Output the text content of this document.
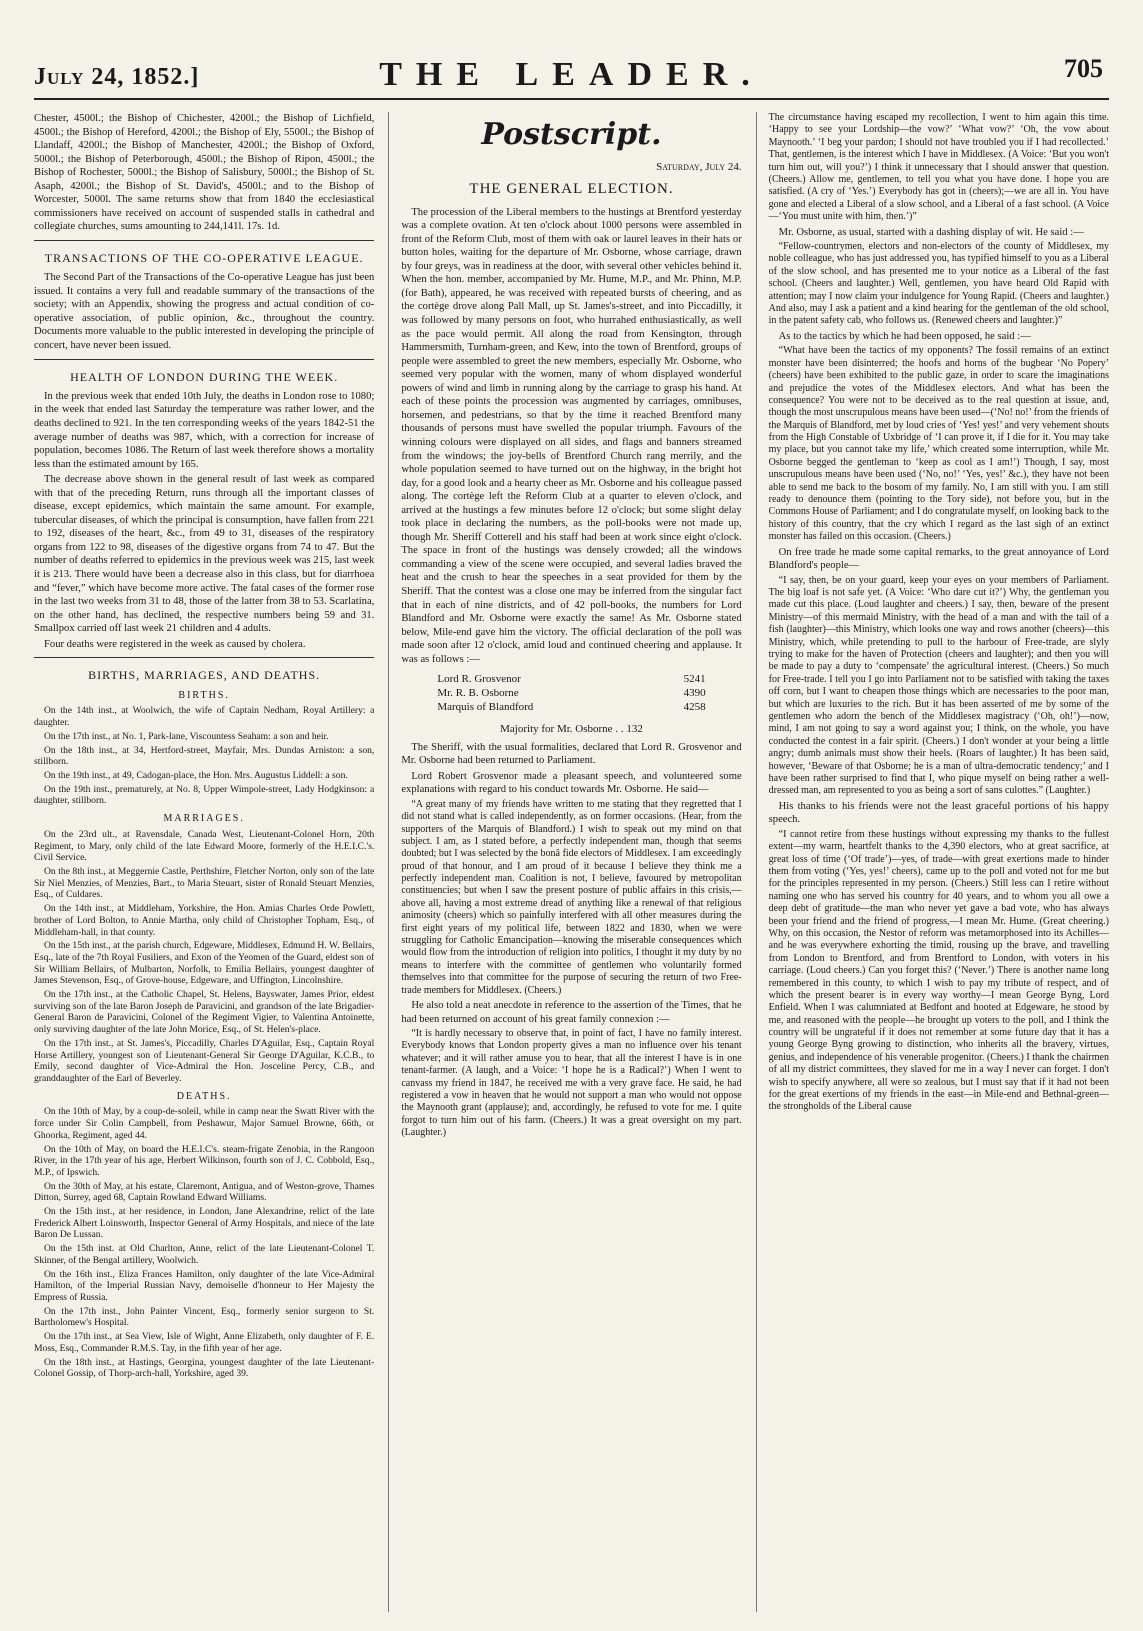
July 24, 1852.]	THE LEADER.	705

Chester, 4500l.; the Bishop of Chichester, 4200l.; the Bishop of Lichfield, 4500l.; the Bishop of Hereford, 4200l.; the Bishop of Ely, 5500l.; the Bishop of Llandaff, 4200l.; the Bishop of Manchester, 4200l.; the Bishop of Oxford, 5000l.; the Bishop of Peterborough, 4500l.; the Bishop of Ripon, 4500l.; the Bishop of Rochester, 5000l.; the Bishop of Salisbury, 5000l.; the Bishop of St. Asaph, 4200l.; the Bishop of St. David's, 4500l.; and to the Bishop of Worcester, 5000l. The same returns show that from 1840 the ecclesiastical commissioners have received on account of suspended stalls in cathedral and collegiate churches, sums amounting to 244,141l. 17s. 1d.

TRANSACTIONS OF THE CO-OPERATIVE LEAGUE.

The Second Part of the Transactions of the Co-operative League has just been issued. It contains a very full and readable summary of the transactions of the society; with an Appendix, showing the progress and actual condition of co-operative association, of public opinion, &c., throughout the country. Documents more valuable to the public interested in developing the principle of concert, have never been issued.

HEALTH OF LONDON DURING THE WEEK.

In the previous week that ended 10th July, the deaths in London rose to 1080; in the week that ended last Saturday the temperature was rather lower, and the deaths declined to 921. In the ten corresponding weeks of the years 1842-51 the average number of deaths was 987, which, with a correction for increase of population, becomes 1086. The Return of last week therefore shows a mortality less than the estimated amount by 165.

The decrease above shown in the general result of last week as compared with that of the preceding Return, runs through all the important classes of disease, except epidemics, which maintain the same amount. For example, tubercular diseases, of which the principal is consumption, have fallen from 221 to 192, diseases of the heart, &c., from 49 to 31, diseases of the respiratory organs from 122 to 98, diseases of the digestive organs from 74 to 47. But the number of deaths referred to epidemics in the previous week was 215, last week it is 213. There would have been a decrease also in this class, but for diarrhoea and “fever,” which have become more active. The fatal cases of the former rose in the last two weeks from 31 to 48, those of the latter from 38 to 53. Scarlatina, on the other hand, has declined, the respective numbers being 59 and 31. Smallpox carried off last week 21 children and 4 adults.

Four deaths were registered in the week as caused by cholera.

BIRTHS, MARRIAGES, AND DEATHS.
BIRTHS.

On the 14th inst., at Woolwich, the wife of Captain Nedham, Royal Artillery: a daughter.

On the 17th inst., at No. 1, Park-lane, Viscountess Seaham: a son and heir.

On the 18th inst., at 34, Hertford-street, Mayfair, Mrs. Dundas Arniston: a son, stillborn.

On the 19th inst., at 49, Cadogan-place, the Hon. Mrs. Augustus Liddell: a son.

On the 19th inst., prematurely, at No. 8, Upper Wimpole-street, Lady Hodgkinson: a daughter, stillborn.

MARRIAGES.

On the 23rd ult., at Ravensdale, Canada West, Lieutenant-Colonel Horn, 20th Regiment, to Mary, only child of the late Edward Moore, formerly of the H.E.I.C.'s. Civil Service.

On the 8th inst., at Meggernie Castle, Perthshire, Fletcher Norton, only son of the late Sir Niel Menzies, of Menzies, Bart., to Maria Steuart, sister of Ronald Steuart Menzies, Esq., of Culdares.

On the 14th inst., at Middleham, Yorkshire, the Hon. Amias Charles Orde Powlett, brother of Lord Bolton, to Annie Martha, only child of Christopher Topham, Esq., of Middleham-hall, in that county.

On the 15th inst., at the parish church, Edgeware, Middlesex, Edmund H. W. Bellairs, Esq., late of the 7th Royal Fusiliers, and Exon of the Yeomen of the Guard, eldest son of Sir William Bellairs, of Mulbarton, Norfolk, to Emilia Bellairs, youngest daughter of James Stevenson, Esq., of Grove-house, Edgeware, and Uffington, Lincolnshire.

On the 17th inst., at the Catholic Chapel, St. Helens, Bayswater, James Prior, eldest surviving son of the late Baron Joseph de Paravicini, and grandson of the late Brigadier-General Baron de Paravicini, Colonel of the Regiment Vigier, to Valentina Antoinette, only surviving daughter of the late John Morice, Esq., of St. Helen's-place.

On the 17th inst., at St. James's, Piccadilly, Charles D'Aguilar, Esq., Captain Royal Horse Artillery, youngest son of Lieutenant-General Sir George D'Aguilar, K.C.B., to Emily, second daughter of Vice-Admiral the Hon. Josceline Percy, C.B., and granddaughter of the Earl of Beverley.

DEATHS.

On the 10th of May, by a coup-de-soleil, while in camp near the Swatt River with the force under Sir Colin Campbell, from Peshawur, Major Samuel Browne, 66th, or Ghoorka, Regiment, aged 44.

On the 10th of May, on board the H.E.I.C's. steam-frigate Zenobia, in the Rangoon River, in the 17th year of his age, Herbert Wilkinson, fourth son of J. C. Cobbold, Esq., M.P., of Ipswich.

On the 30th of May, at his estate, Claremont, Antigua, and of Weston-grove, Thames Ditton, Surrey, aged 68, Captain Rowland Edward Williams.

On the 15th inst., at her residence, in London, Jane Alexandrine, relict of the late Frederick Albert Loinsworth, Inspector General of Army Hospitals, and niece of the late Baron De Lussan.

On the 15th inst. at Old Charlton, Anne, relict of the late Lieutenant-Colonel T. Skinner, of the Bengal artillery, Woolwich.

On the 16th inst., Eliza Frances Hamilton, only daughter of the late Vice-Admiral Hamilton, of the Imperial Russian Navy, demoiselle d'honneur to Her Majesty the Empress of Russia.

On the 17th inst., John Painter Vincent, Esq., formerly senior surgeon to St. Bartholomew's Hospital.

On the 17th inst., at Sea View, Isle of Wight, Anne Elizabeth, only daughter of F. E. Moss, Esq., Commander R.M.S. Tay, in the fifth year of her age.

On the 18th inst., at Hastings, Georgina, youngest daughter of the late Lieutenant-Colonel Gossip, of Thorp-arch-hall, Yorkshire, aged 39.

Postscript.
Saturday, July 24.
THE GENERAL ELECTION.

The procession of the Liberal members to the hustings at Brentford yesterday was a complete ovation. At ten o'clock about 1000 persons were assembled in front of the Reform Club, most of them with oak or laurel leaves in their hats or button holes, waiting for the departure of Mr. Osborne, whose carriage, drawn by four greys, was in readiness at the door, with several other vehicles behind it. When the hon. member, accompanied by Mr. Hume, M.P., and Mr. Phinn, M.P. (for Bath), appeared, he was received with repeated bursts of cheering, and as the cortège drove along Pall Mall, up St. James's-street, and into Piccadilly, it was followed by many persons on foot, who hurrahed enthusiastically, as well as the pace would permit. All along the road from Kensington, through Hammersmith, Turnham-green, and Kew, into the town of Brentford, groups of people were assembled to greet the new members, especially Mr. Osborne, who seemed very popular with the women, many of whom displayed wonderful powers of wind and limb in running along by the carriage to grasp his hand. At each of these points the procession was augmented by carriages, omnibuses, horsemen, and pedestrians, so that by the time it reached Brentford many thousands of persons must have swelled the popular triumph. Favours of the winning colours were displayed on all sides, and flags and banners streamed from the windows; the joy-bells of Brentford Church rang merrily, and the whole population seemed to have turned out on the highway, in the bright hot day, for a good look and a hearty cheer as Mr. Osborne and his colleague passed along. The cortège left the Reform Club at a quarter to eleven o'clock, and arrived at the hustings a few minutes before 12 o'clock; but some slight delay took place in declaring the numbers, as the poll-books were not made up, though Mr. Sheriff Cotterell and his staff had been at work since eight o'clock. The space in front of the hustings was densely crowded; all the windows commanding a view of the scene were occupied, and several ladies braved the heat and the crush to hear the speeches in a seat provided for them by the Sheriff. That the contest was a close one may be inferred from the singular fact that in each of nine districts, and of 42 poll-books, the numbers for Lord Blandford and Mr. Osborne were exactly the same! As Mr. Osborne stated below, Mile-end gave him the victory. The official declaration of the poll was made soon after 12 o'clock, amid loud and continued cheering and applause. It was as follows :—

Lord R. Grosvenor	5241
Mr. R. B. Osborne	4390
Marquis of Blandford	4258
Majority for Mr. Osborne . . 132

The Sheriff, with the usual formalities, declared that Lord R. Grosvenor and Mr. Osborne had been returned to Parliament.

Lord Robert Grosvenor made a pleasant speech, and volunteered some explanations with regard to his conduct towards Mr. Osborne. He said—

“A great many of my friends have written to me stating that they regretted that I did not stand what is called independently, as on former occasions. (Hear, from the supporters of the Marquis of Blandford.) I wish to speak out my mind on that subject. I am, as I stated before, a perfectly independent man, though that seems doubted; but I was selected by the bonâ fide electors of Middlesex. I am exceedingly proud of that honour, and I am proud of it because I believe they think me a perfectly independent man. Coalition is not, I believe, favoured by metropolitan constituencies; but when I saw the present posture of public affairs in this crisis,—above all, having a most extreme dread of anything like a renewal of that religious animosity (cheers) which so painfully interfered with all other measures during the first eight years of my political life, between 1822 and 1830, when we were struggling for Catholic Emancipation—knowing the miserable consequences which would flow from the introduction of religion into politics, I thought it my duty by no means to interfere with the committee of gentlemen who voluntarily formed themselves into that committee for the purpose of securing the return of two Free-trade members for Middlesex. (Cheers.)

He also told a neat anecdote in reference to the assertion of the Times, that he had been returned on account of his great family connexion :—

“It is hardly necessary to observe that, in point of fact, I have no family interest. Everybody knows that London property gives a man no influence over his tenant whatever; and it will rather amuse you to hear, that all the interest I have is in one tenant-farmer. (A laugh, and a Voice: ‘I hope he is a Radical?’) When I went to canvass my friend in 1847, he received me with a very grave face. He said, he had registered a vow in heaven that he would not support a man who would not oppose the Maynooth grant (applause); and, accordingly, he refused to vote for me. I quite forgot to turn him out of his farm. (Cheers.) It was a great oversight on my part. (Laughter.)

The circumstance having escaped my recollection, I went to him again this time. ‘Happy to see your Lordship—the vow?’ ‘What vow?’ ‘Oh, the vow about Maynooth.’ ‘I beg your pardon; I should not have troubled you if I had recollected.’ That, gentlemen, is the interest which I have in Middlesex. (A Voice: ‘But you won't turn him out, will you?’) I think it unnecessary that I should answer that question. (Cheers.) Allow me, gentlemen, to tell you what you have done. I hope you are satisfied. (A cry of ‘Yes.’) Everybody has got in (cheers);—we are all in. You have gone and elected a Liberal of a slow school, and a Liberal of a fast school. (A Voice—‘You must unite with him, then.’)”

Mr. Osborne, as usual, started with a dashing display of wit. He said :—

“Fellow-countrymen, electors and non-electors of the county of Middlesex, my noble colleague, who has just addressed you, has typified himself to you as a Liberal of the slow school, and has presented me to your notice as a Liberal of the fast school. (Cheers and laughter.) Well, gentlemen, you have heard Old Rapid with attention; may I now claim your indulgence for Young Rapid. (Cheers and laughter.) And also, may I ask a patient and a kind hearing for the gentleman of the old school, in the patent safety cab, who follows us. (Renewed cheers and laughter.)”

As to the tactics by which he had been opposed, he said :—

“What have been the tactics of my opponents? The fossil remains of an extinct monster have been disinterred; the hoofs and horns of the bugbear ‘No Popery’ (cheers) have been exhibited to the public gaze, in order to scare the imaginations and prejudice the votes of the Middlesex electors. And what has been the consequence? You were not to be deceived as to the real question at issue, and, though the most unscrupulous means have been used—(‘No! no!’ from the friends of the Marquis of Blandford, met by loud cries of ‘Yes! yes!’ and very vehement shouts from the High Constable of Uxbridge of ‘I can prove it, if I die for it. You may take my place, but you cannot take my life,’ which created some interruption, while Mr. Osborne begged the gentleman to ‘keep as cool as I am!’) Though, I say, most unscrupulous means have been used (‘No, no!’ ‘Yes, yes!’ &c.), they have not been able to send me back to the bosom of my family. No, I am still with you. I am still ready to denounce them (pointing to the Tory side), not before you, but in the Commons House of Parliament; and I do congratulate myself, on looking back to the history of this country, that the cry which I regard as the last sigh of an extinct monster has failed on this occasion. (Cheers.)

On free trade he made some capital remarks, to the great annoyance of Lord Blandford's people—

“I say, then, be on your guard, keep your eyes on your members of Parliament. The big loaf is not safe yet. (A Voice: ‘Who dare cut it?’) Why, the gentleman you made cut this place. (Loud laughter and cheers.) I say, then, beware of the present Ministry—of this mermaid Ministry, with the head of a man and with the tail of a fish (laughter)—this Ministry, which looks one way and rows another (cheers)—this Ministry, which, while pretending to pull to the harbour of Free-trade, are slyly trying to make for the haven of Protection (cheers and laughter); and then you will be made to pay a duty to ‘compensate’ the agricultural interest. (Cheers.) So much for Free-trade. I tell you I go into Parliament not to be satisfied with taking the taxes off corn, but I want to cheapen those things which are necessaries to the poor man, but which are luxuries to the rich. But it has been asserted of me by some of the gentlemen who adorn the bench of the Middlesex magistracy (‘Oh, oh!’)—now, mind, I am not going to say a word against you; I think, on the whole, you have conducted the contest in a fair spirit. (Cheers.) I don't wonder at your being a little angry; dumb animals must show their heels. (Roars of laughter.) It has been said, however, ‘Beware of that Osborne; he is a man of ultra-democratic tendency;’ and I have been rather surprised to find that I, who pique myself on being rather a well-dressed man, am represented to you as being a sort of sans culottes.” (Laughter.)

His thanks to his friends were not the least graceful portions of his happy speech.

“I cannot retire from these hustings without expressing my thanks to the fullest extent—my warm, heartfelt thanks to the 4,390 electors, who at great sacrifice, at great loss of time (‘Of trade’)—yes, of trade—with great exertions made to hinder them from voting (‘Yes, yes!’ cheers), came up to the poll and voted not for me but for the principles represented in my person. (Cheers.) Still less can I retire without naming one who has served his country for 40 years, and to whom you all owe a deep debt of gratitude—the man who never yet gave a bad vote, who has always been your friend and the friend of progress,—I mean Mr. Hume. (Great cheering.) Why, on this occasion, the Nestor of reform was metamorphosed into its Achilles—and he was everywhere exhorting the timid, rousing up the brave, and travelling from London to Brentford, and from Brentford to London, with voters in his carriage. (Loud cheers.) Can you forget this? (‘Never.’) There is another name long remembered in this county, to which I wish to pay my tribute of respect, and of which the present bearer is in every way worthy—I mean George Byng, Lord Enfield. When I was calumniated at Bedfont and hooted at Edgeware, he stood by me, and reasoned with the people—he brought up voters to the poll, and I think the country will be ungrateful if it does not remember at some future day that it has a young George Byng growing to distinction, who inherits all the bravery, virtues, genius, and independence of his venerable progenitor. (Cheers.) I thank the chairmen of all my district committees, they slaved for me in a way I never can forget. I don't wish to specify anywhere, all were so zealous, but I must say that if it had not been for the great exertions of my friends in the east—in Mile-end and Bethnal-green—the strongholds of the Liberal cause
